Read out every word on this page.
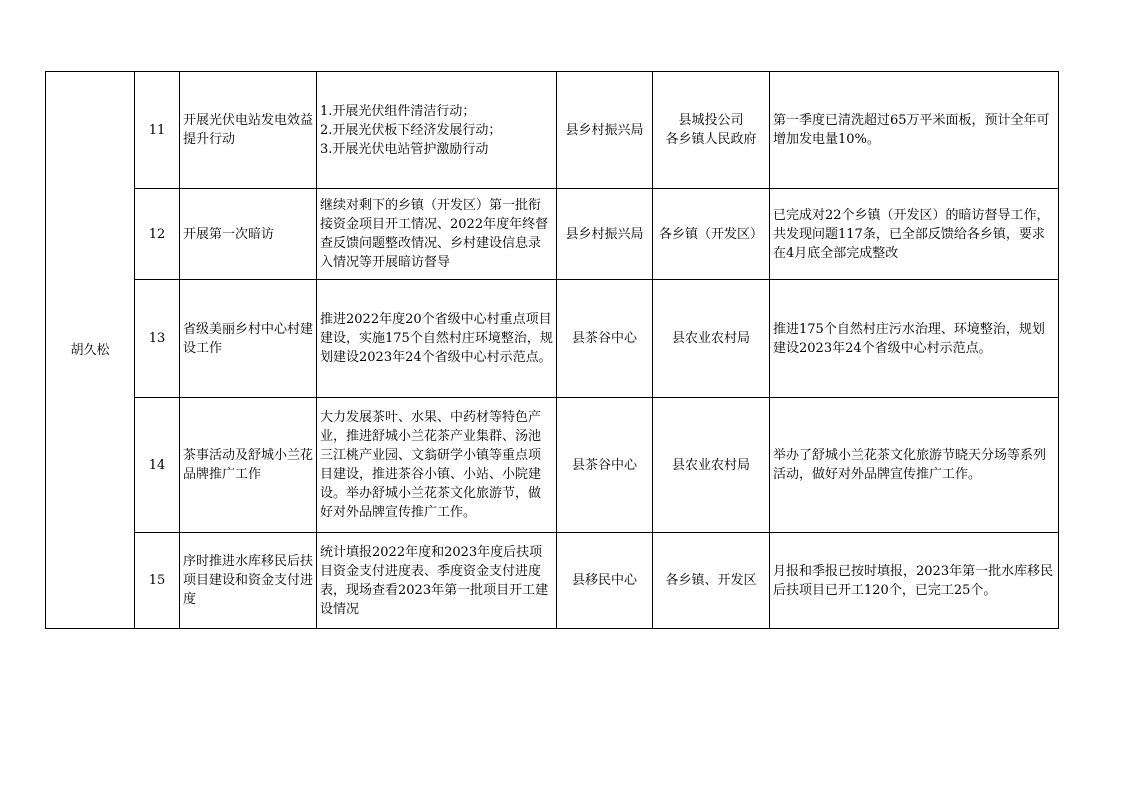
胡久松	11	开展光伏电站发电效益提升行动	1.开展光伏组件清洁行动；
2.开展光伏板下经济发展行动；
3.开展光伏电站管护激励行动	县乡村振兴局	县城投公司
各乡镇人民政府	第一季度已清洗超过65万平米面板，预计全年可增加发电量10%。
	12	开展第一次暗访	继续对剩下的乡镇（开发区）第一批衔接资金项目开工情况、2022年度年终督查反馈问题整改情况、乡村建设信息录入情况等开展暗访督导	县乡村振兴局	各乡镇（开发区）	已完成对22个乡镇（开发区）的暗访督导工作，共发现问题117条，已全部反馈给各乡镇，要求在4月底全部完成整改
	13	省级美丽乡村中心村建设工作	推进2022年度20个省级中心村重点项目建设，实施175个自然村庄环境整治，规划建设2023年24个省级中心村示范点。	县茶谷中心	县农业农村局	推进175个自然村庄污水治理、环境整治，规划建设2023年24个省级中心村示范点。
	14	茶事活动及舒城小兰花品牌推广工作	大力发展茶叶、水果、中药材等特色产业，推进舒城小兰花茶产业集群、汤池三江桃产业园、文翁研学小镇等重点项目建设，推进茶谷小镇、小站、小院建设。举办舒城小兰花茶文化旅游节，做好对外品牌宣传推广工作。	县茶谷中心	县农业农村局	举办了舒城小兰花茶文化旅游节晓天分场等系列活动，做好对外品牌宣传推广工作。
	15	序时推进水库移民后扶项目建设和资金支付进度	统计填报2022年度和2023年度后扶项目资金支付进度表、季度资金支付进度表，现场查看2023年第一批项目开工建设情况	县移民中心	各乡镇、开发区	月报和季报已按时填报，2023年第一批水库移民后扶项目已开工120个，已完工25个。
